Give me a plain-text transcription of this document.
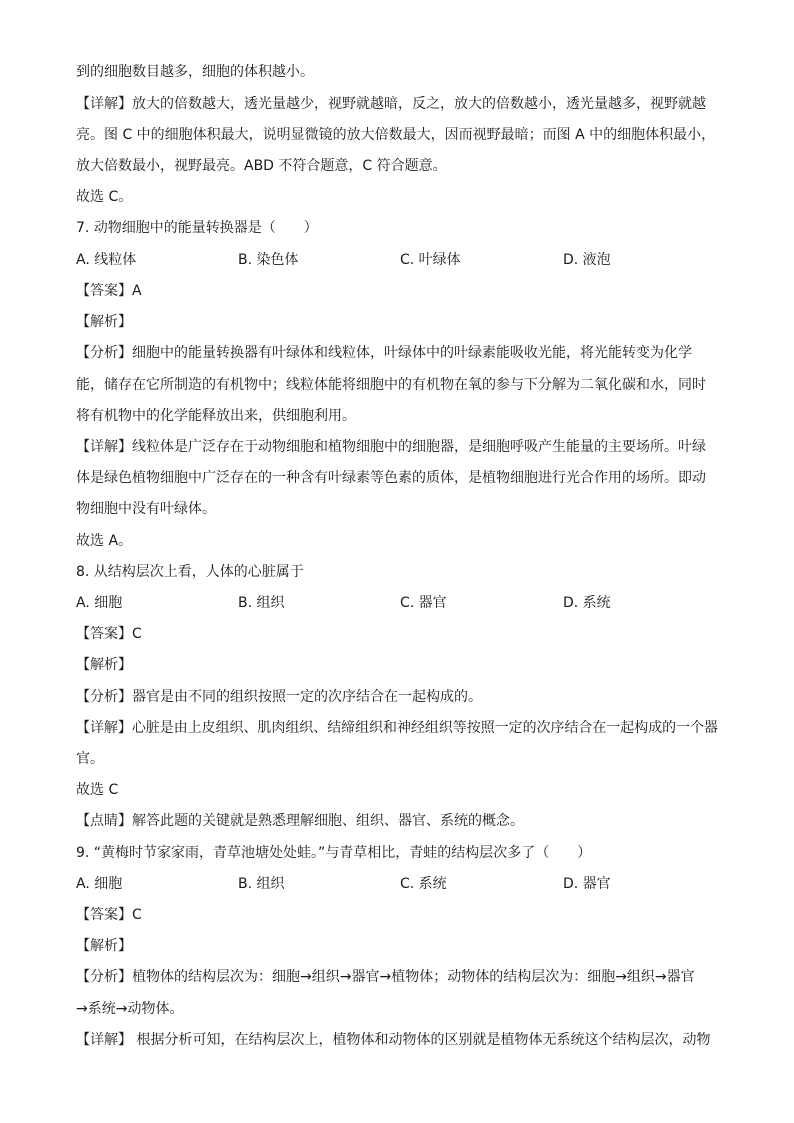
到的细胞数目越多，细胞的体积越小。
【详解】放大的倍数越大，透光量越少，视野就越暗，反之，放大的倍数越小，透光量越多，视野就越
亮。图 C 中的细胞体积最大，说明显微镜的放大倍数最大，因而视野最暗；而图 A 中的细胞体积最小，
放大倍数最小，视野最亮。ABD 不符合题意，C 符合题意。
故选 C。
7. 动物细胞中的能量转换器是（　　）
A. 线粒体	B. 染色体	C. 叶绿体	D. 液泡
【答案】A
【解析】
【分析】细胞中的能量转换器有叶绿体和线粒体，叶绿体中的叶绿素能吸收光能，将光能转变为化学
能，储存在它所制造的有机物中；线粒体能将细胞中的有机物在氧的参与下分解为二氧化碳和水，同时
将有机物中的化学能释放出来，供细胞利用。
【详解】线粒体是广泛存在于动物细胞和植物细胞中的细胞器，是细胞呼吸产生能量的主要场所。叶绿
体是绿色植物细胞中广泛存在的一种含有叶绿素等色素的质体，是植物细胞进行光合作用的场所。即动
物细胞中没有叶绿体。
故选 A。
8. 从结构层次上看，人体的心脏属于
A. 细胞	B. 组织	C. 器官	D. 系统
【答案】C
【解析】
【分析】器官是由不同的组织按照一定的次序结合在一起构成的。
【详解】心脏是由上皮组织、肌肉组织、结缔组织和神经组织等按照一定的次序结合在一起构成的一个器
官。
故选 C
【点睛】解答此题的关键就是熟悉理解细胞、组织、器官、系统的概念。
9. “黄梅时节家家雨，青草池塘处处蛙。”与青草相比，青蛙的结构层次多了（　　）
A. 细胞	B. 组织	C. 系统	D. 器官
【答案】C
【解析】
【分析】植物体的结构层次为：细胞→组织→器官→植物体；动物体的结构层次为：细胞→组织→器官
→系统→动物体。
【详解】 根据分析可知，在结构层次上，植物体和动物体的区别就是植物体无系统这个结构层次，动物
